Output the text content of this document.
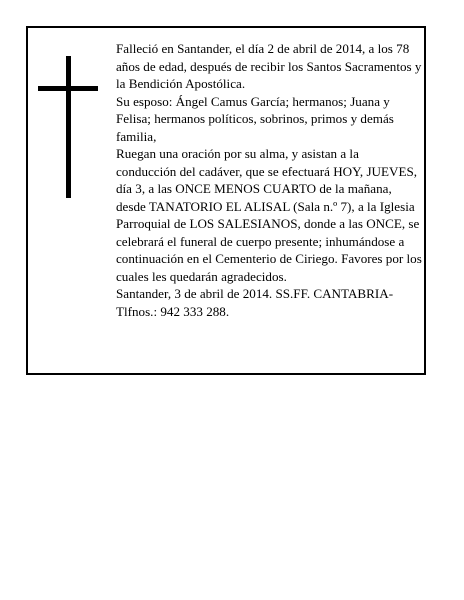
Falleció en Santander, el día 2 de abril de 2014, a los 78 años de edad, después de recibir los Santos Sacramentos y la Bendición Apostólica.

Su esposo: Ángel Camus García; hermanos; Juana y Felisa; hermanos políticos, sobrinos, primos y demás familia,

Ruegan una oración por su alma, y asistan a la conducción del cadáver, que se efectuará HOY, JUEVES, día 3, a las ONCE MENOS CUARTO de la mañana, desde TANATORIO EL ALISAL (Sala n.º 7), a la Iglesia Parroquial de LOS SALESIANOS, donde a las ONCE, se celebrará el funeral de cuerpo presente; inhumándose a continuación en el Cementerio de Ciriego. Favores por los cuales les quedarán agradecidos.

Santander, 3 de abril de 2014. SS.FF. CANTABRIA-Tlfnos.: 942 333 288.
